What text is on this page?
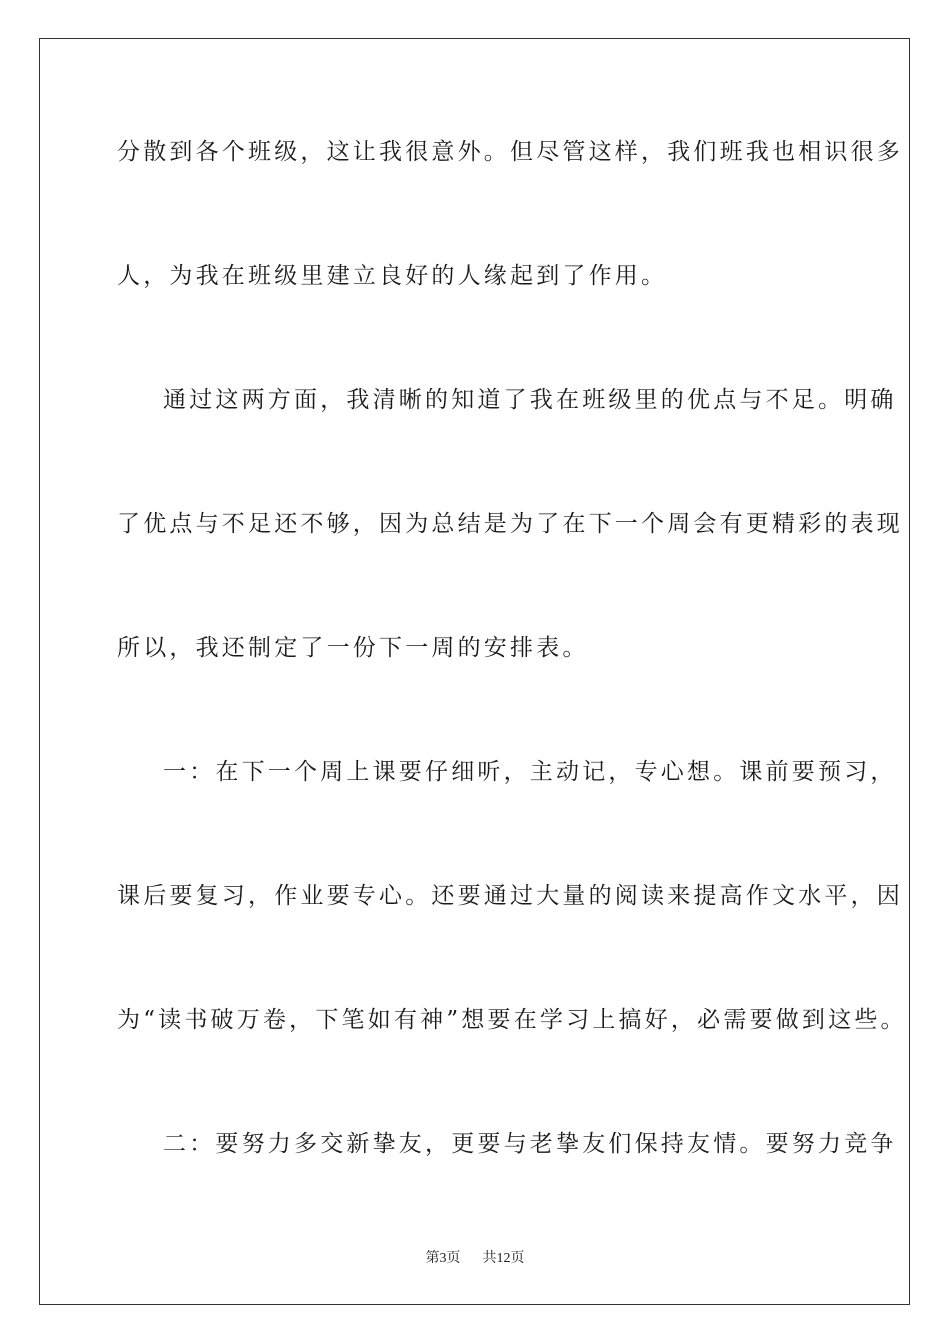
分散到各个班级，这让我很意外。但尽管这样，我们班我也相识很多
人，为我在班级里建立良好的人缘起到了作用。
通过这两方面，我清晰的知道了我在班级里的优点与不足。明确
了优点与不足还不够，因为总结是为了在下一个周会有更精彩的表现
所以，我还制定了一份下一周的安排表。
一：在下一个周上课要仔细听，主动记，专心想。课前要预习，
课后要复习，作业要专心。还要通过大量的阅读来提高作文水平，因
为“读书破万卷，下笔如有神”想要在学习上搞好，必需要做到这些。
二：要努力多交新挚友，更要与老挚友们保持友情。要努力竞争
第3页 共12页
